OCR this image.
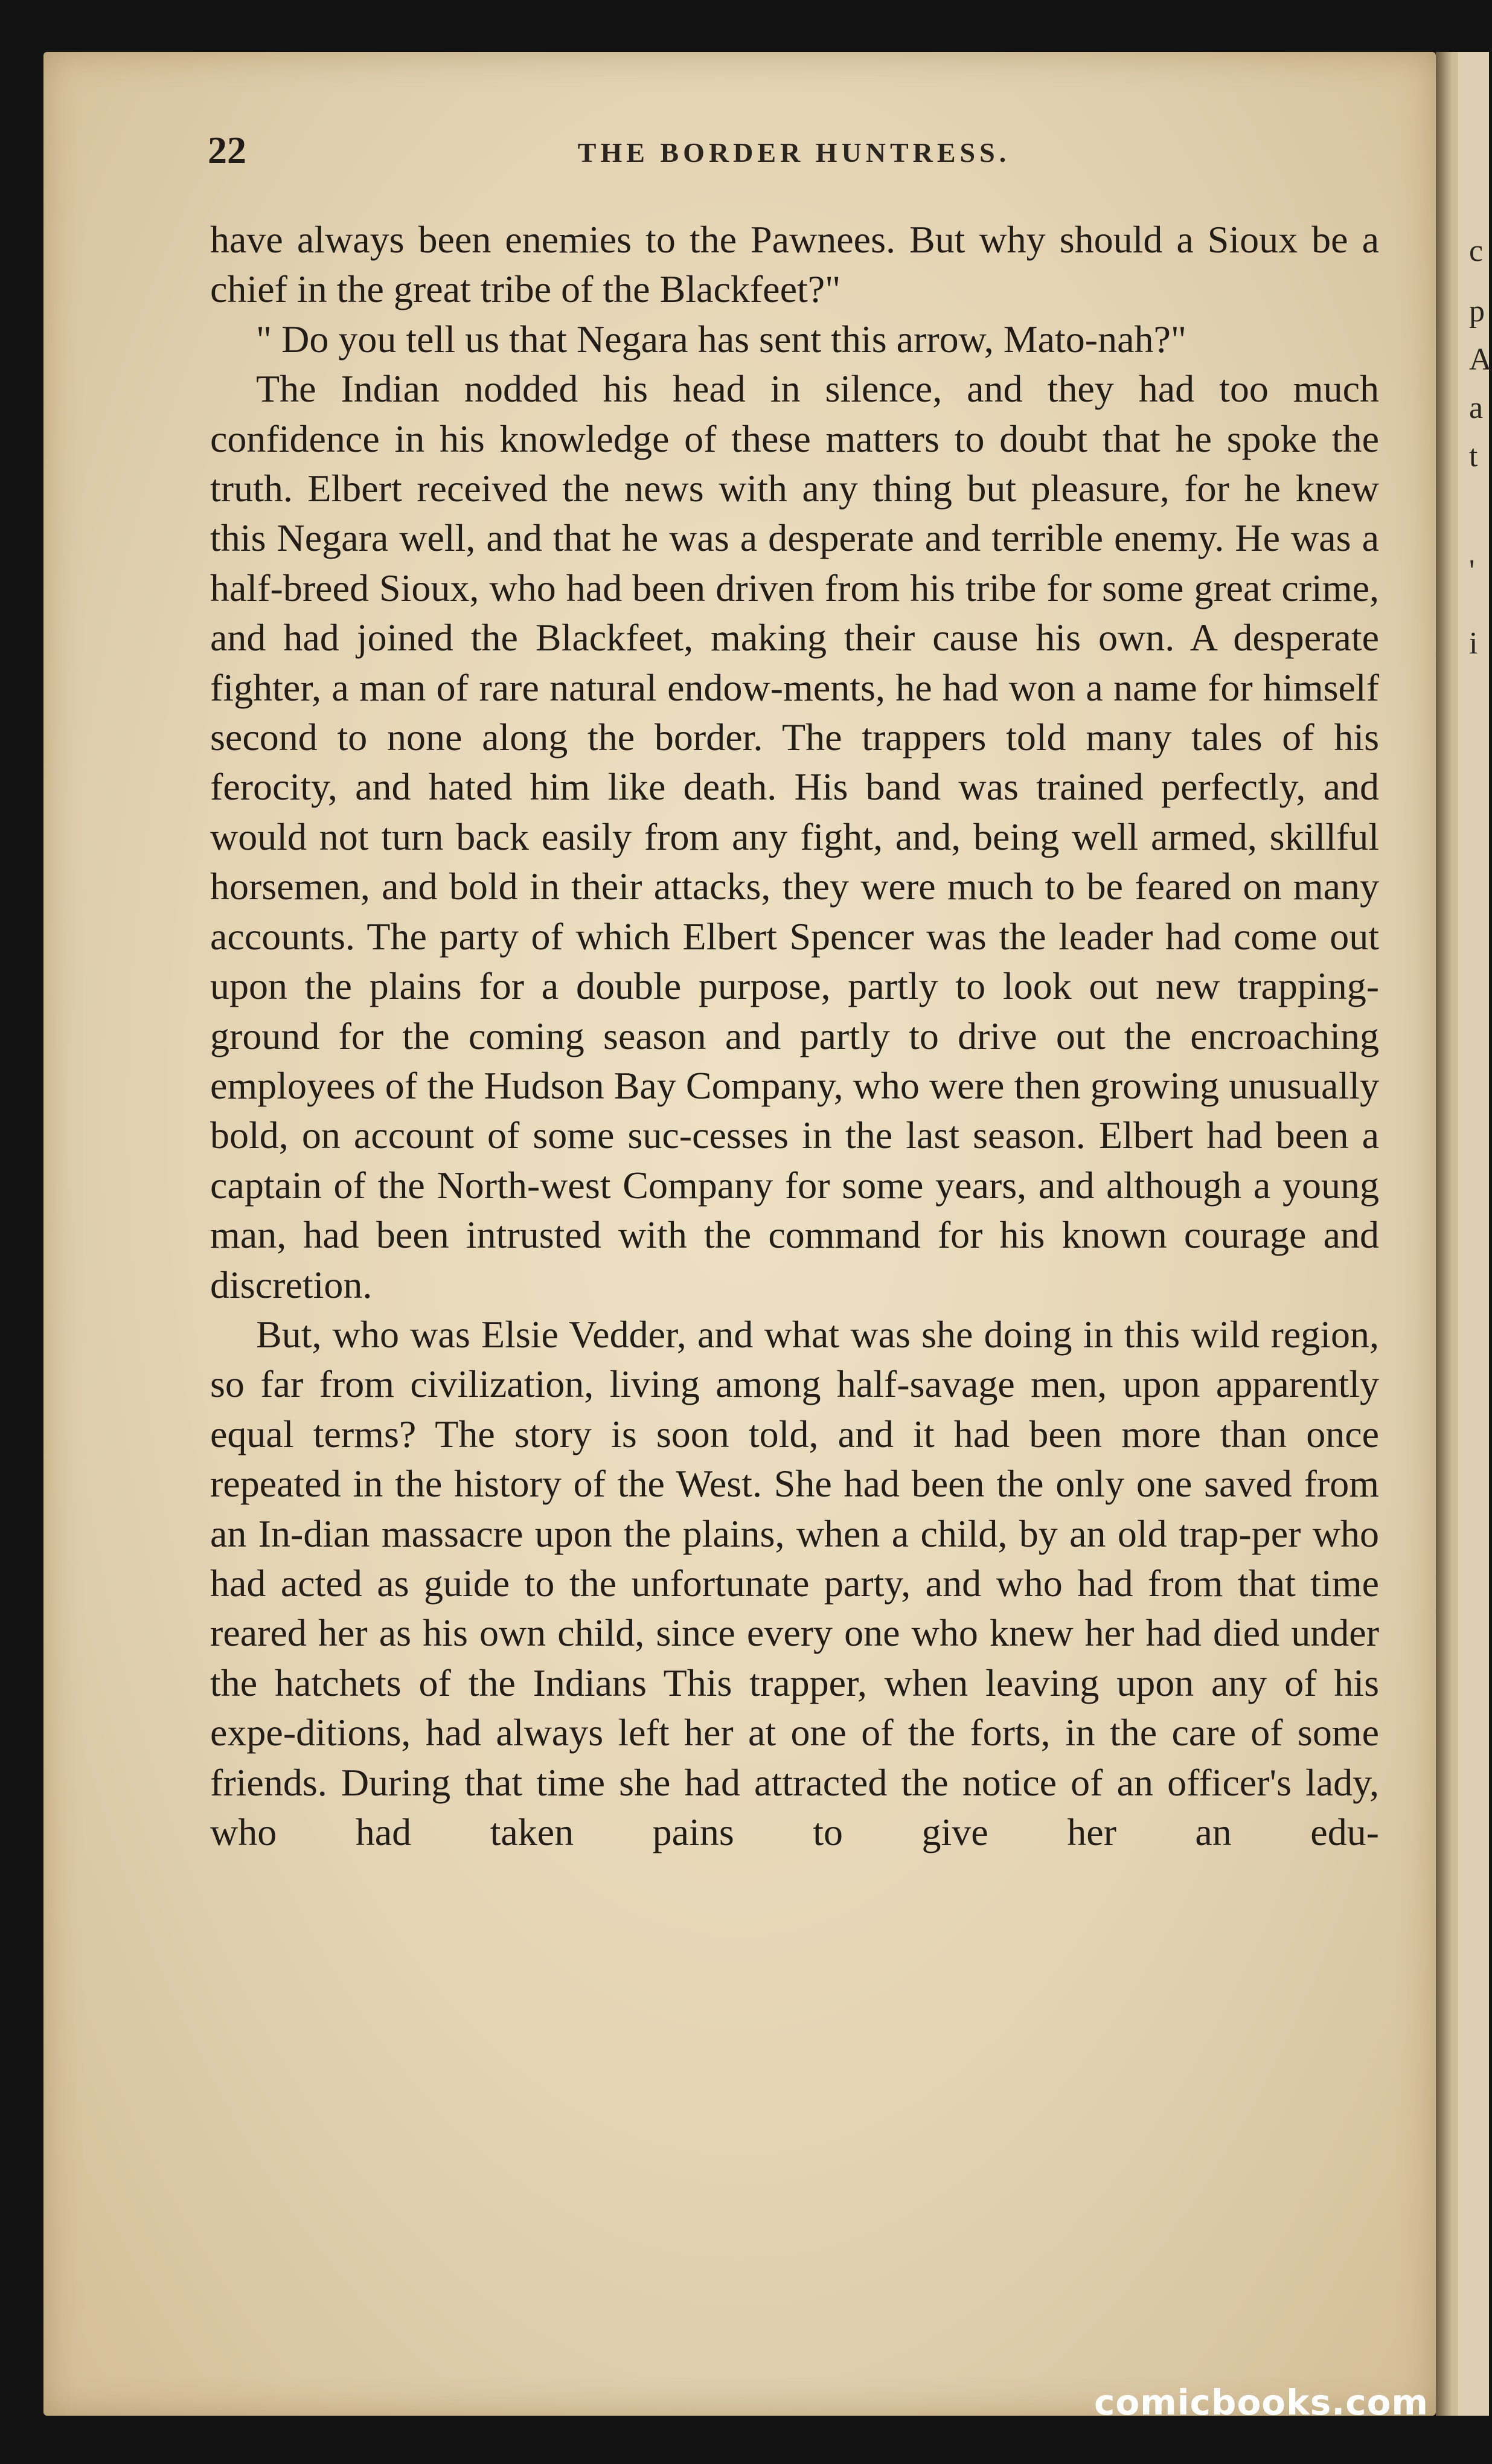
c
p
A
a
t
'
i
22	THE BORDER HUNTRESS.

have always been enemies to the Pawnees. But why should a Sioux be a chief in the great tribe of the Blackfeet?"

" Do you tell us that Negara has sent this arrow, Mato-nah?"

The Indian nodded his head in silence, and they had too much confidence in his knowledge of these matters to doubt that he spoke the truth. Elbert received the news with any thing but pleasure, for he knew this Negara well, and that he was a desperate and terrible enemy. He was a half-breed Sioux, who had been driven from his tribe for some great crime, and had joined the Blackfeet, making their cause his own. A desperate fighter, a man of rare natural endow-ments, he had won a name for himself second to none along the border. The trappers told many tales of his ferocity, and hated him like death. His band was trained perfectly, and would not turn back easily from any fight, and, being well armed, skillful horsemen, and bold in their attacks, they were much to be feared on many accounts. The party of which Elbert Spencer was the leader had come out upon the plains for a double purpose, partly to look out new trapping-ground for the coming season and partly to drive out the encroaching employees of the Hudson Bay Company, who were then growing unusually bold, on account of some suc-cesses in the last season. Elbert had been a captain of the North-west Company for some years, and although a young man, had been intrusted with the command for his known courage and discretion.

But, who was Elsie Vedder, and what was she doing in this wild region, so far from civilization, living among half-savage men, upon apparently equal terms? The story is soon told, and it had been more than once repeated in the history of the West. She had been the only one saved from an In-dian massacre upon the plains, when a child, by an old trap-per who had acted as guide to the unfortunate party, and who had from that time reared her as his own child, since every one who knew her had died under the hatchets of the Indians This trapper, when leaving upon any of his expe-ditions, had always left her at one of the forts, in the care of some friends. During that time she had attracted the notice of an officer's lady, who had taken pains to give her an edu-

comicbooks.com
